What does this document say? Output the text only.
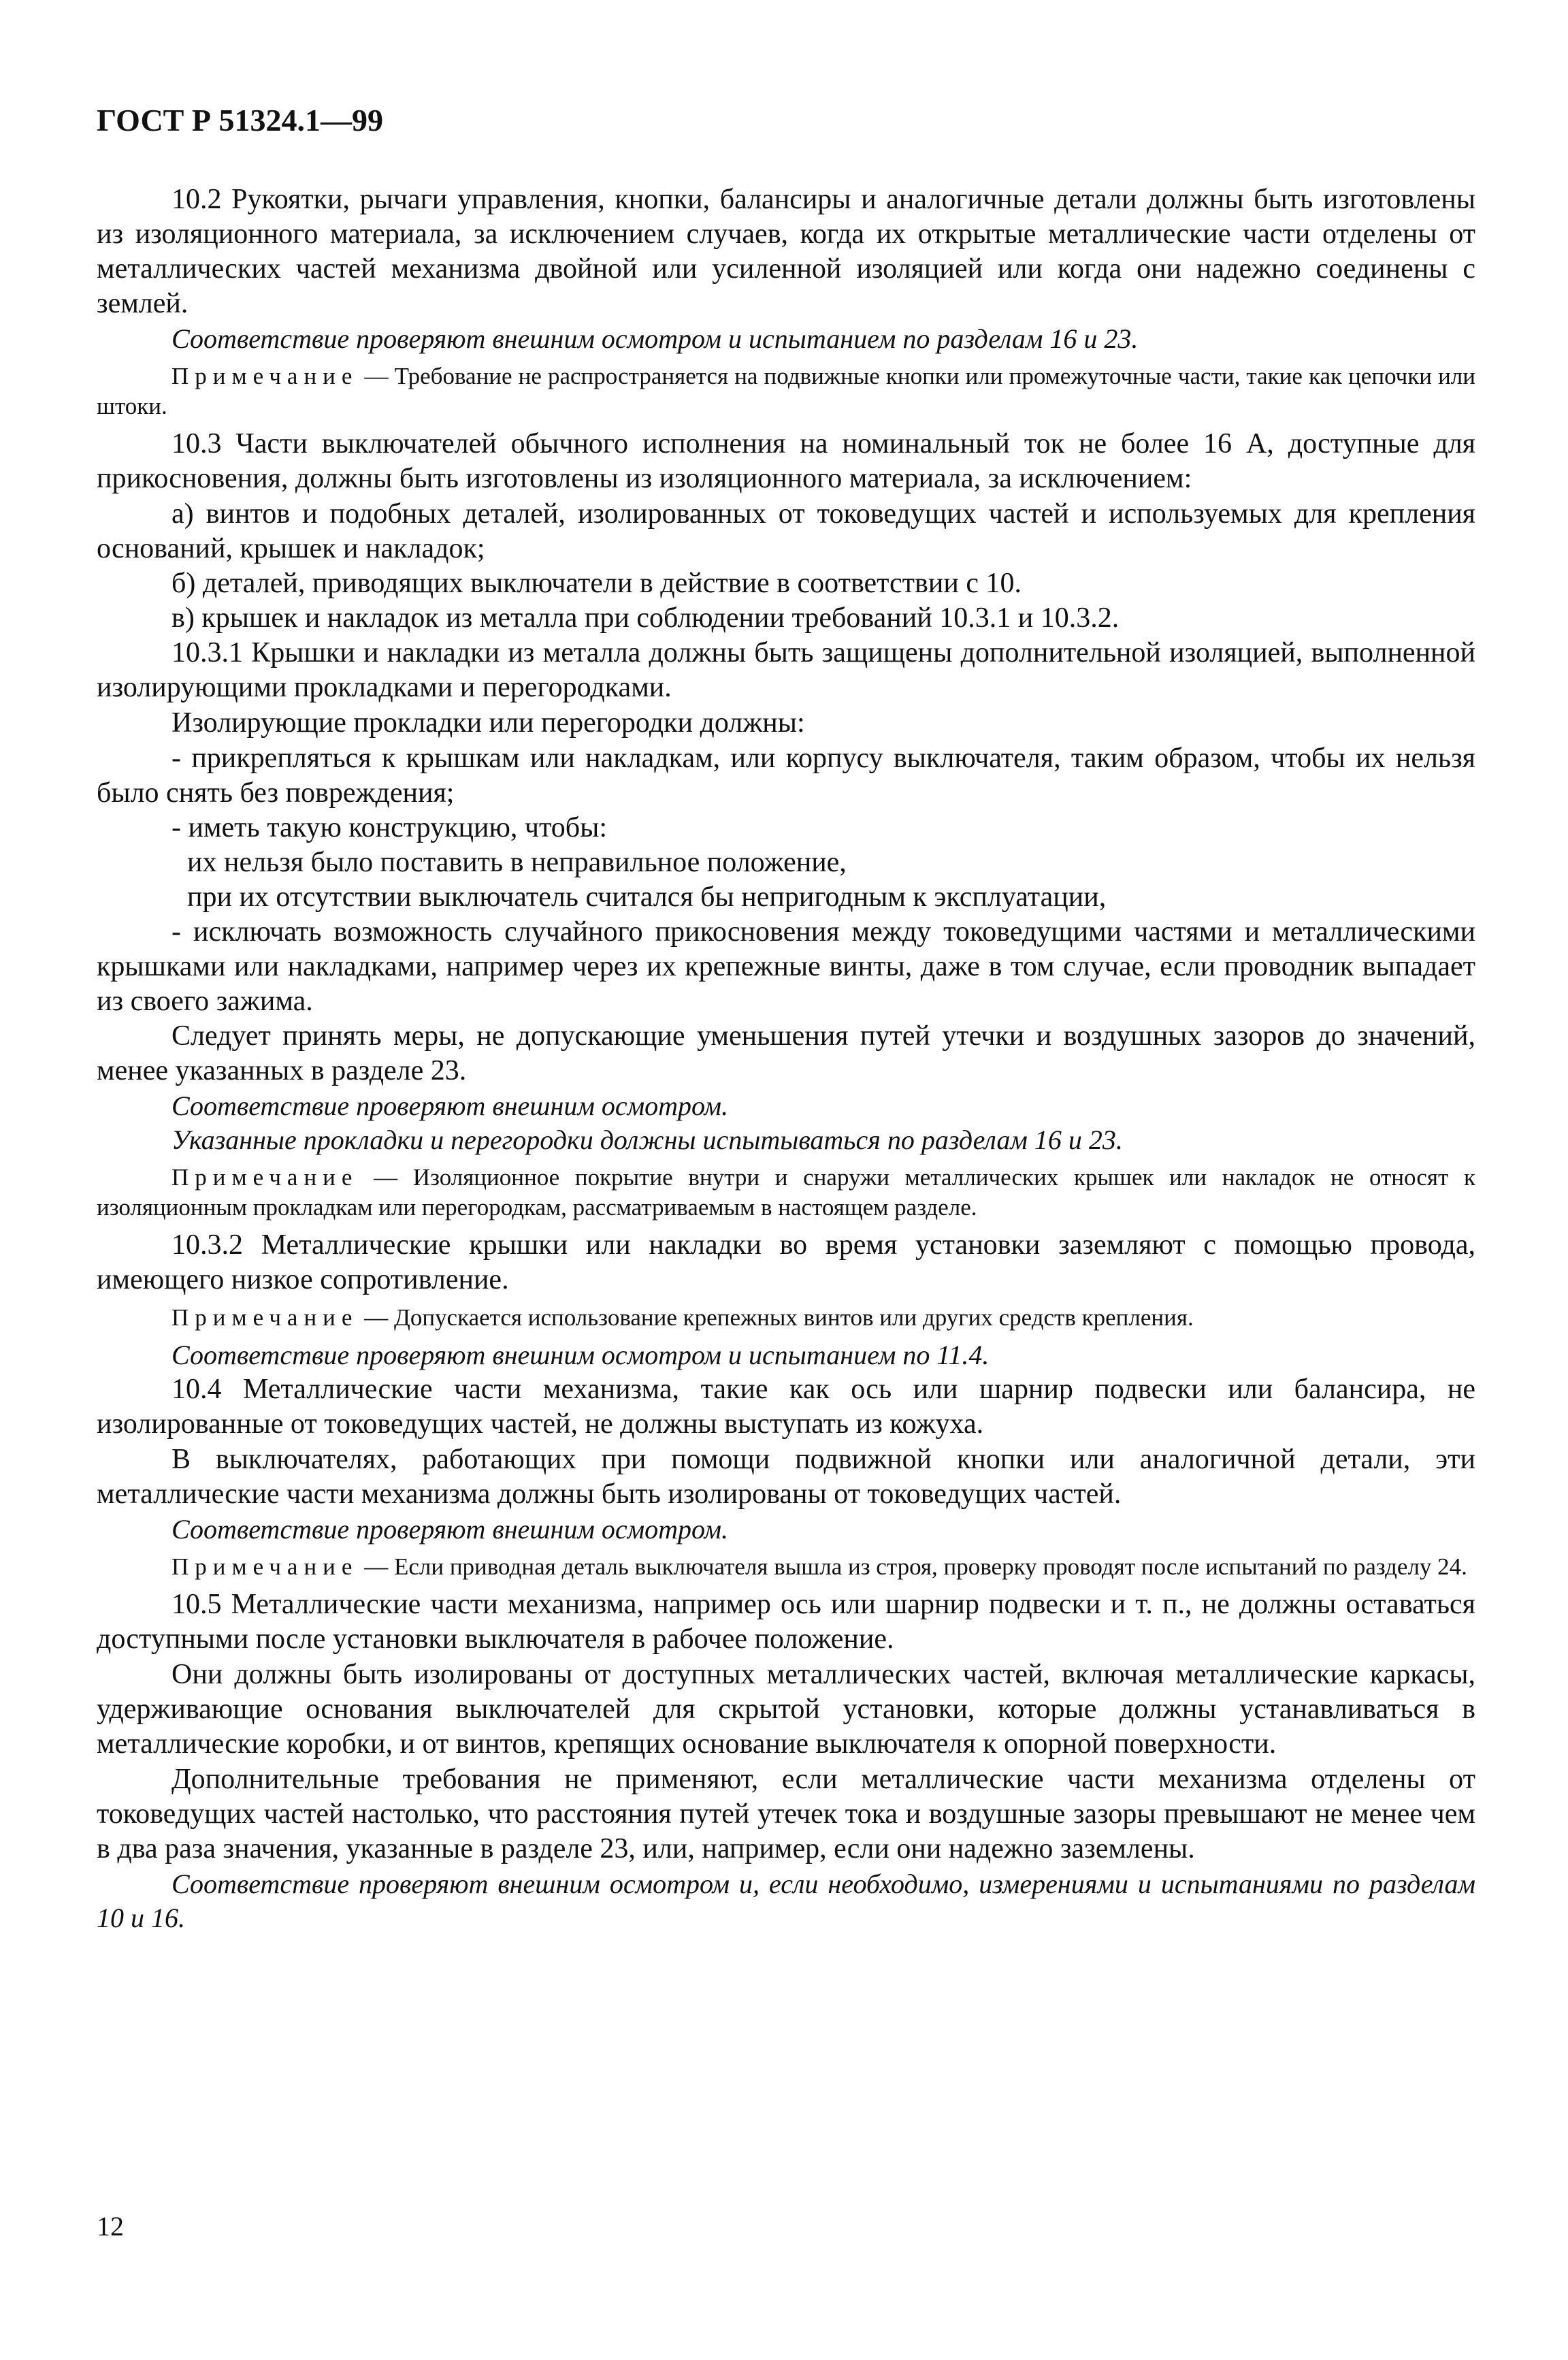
ГОСТ Р 51324.1—99

10.2 Рукоятки, рычаги управления, кнопки, балансиры и аналогичные детали должны быть изготовлены из изоляционного материала, за исключением случаев, когда их открытые металлические части отделены от металлических частей механизма двойной или усиленной изоляцией или когда они надежно соединены с землей.

Соответствие проверяют внешним осмотром и испытанием по разделам 16 и 23.

Примечание — Требование не распространяется на подвижные кнопки или промежуточные части, такие как цепочки или штоки.

10.3 Части выключателей обычного исполнения на номинальный ток не более 16 А, доступные для прикосновения, должны быть изготовлены из изоляционного материала, за исключением:

а) винтов и подобных деталей, изолированных от токоведущих частей и используемых для крепления оснований, крышек и накладок;

б) деталей, приводящих выключатели в действие в соответствии с 10.

в) крышек и накладок из металла при соблюдении требований 10.3.1 и 10.3.2.

10.3.1 Крышки и накладки из металла должны быть защищены дополнительной изоляцией, выполненной изолирующими прокладками и перегородками.

Изолирующие прокладки или перегородки должны:

- прикрепляться к крышкам или накладкам, или корпусу выключателя, таким образом, чтобы их нельзя было снять без повреждения;

- иметь такую конструкцию, чтобы:

их нельзя было поставить в неправильное положение,

при их отсутствии выключатель считался бы непригодным к эксплуатации,

- исключать возможность случайного прикосновения между токоведущими частями и металлическими крышками или накладками, например через их крепежные винты, даже в том случае, если проводник выпадает из своего зажима.

Следует принять меры, не допускающие уменьшения путей утечки и воздушных зазоров до значений, менее указанных в разделе 23.

Соответствие проверяют внешним осмотром.

Указанные прокладки и перегородки должны испытываться по разделам 16 и 23.

Примечание — Изоляционное покрытие внутри и снаружи металлических крышек или накладок не относят к изоляционным прокладкам или перегородкам, рассматриваемым в настоящем разделе.

10.3.2 Металлические крышки или накладки во время установки заземляют с помощью провода, имеющего низкое сопротивление.

Примечание — Допускается использование крепежных винтов или других средств крепления.

Соответствие проверяют внешним осмотром и испытанием по 11.4.

10.4 Металлические части механизма, такие как ось или шарнир подвески или балансира, не изолированные от токоведущих частей, не должны выступать из кожуха.

В выключателях, работающих при помощи подвижной кнопки или аналогичной детали, эти металлические части механизма должны быть изолированы от токоведущих частей.

Соответствие проверяют внешним осмотром.

Примечание — Если приводная деталь выключателя вышла из строя, проверку проводят после испытаний по разделу 24.

10.5 Металлические части механизма, например ось или шарнир подвески и т. п., не должны оставаться доступными после установки выключателя в рабочее положение.

Они должны быть изолированы от доступных металлических частей, включая металлические каркасы, удерживающие основания выключателей для скрытой установки, которые должны устанавливаться в металлические коробки, и от винтов, крепящих основание выключателя к опорной поверхности.

Дополнительные требования не применяют, если металлические части механизма отделены от токоведущих частей настолько, что расстояния путей утечек тока и воздушные зазоры превышают не менее чем в два раза значения, указанные в разделе 23, или, например, если они надежно заземлены.

Соответствие проверяют внешним осмотром и, если необходимо, измерениями и испытаниями по разделам 10 и 16.

12
